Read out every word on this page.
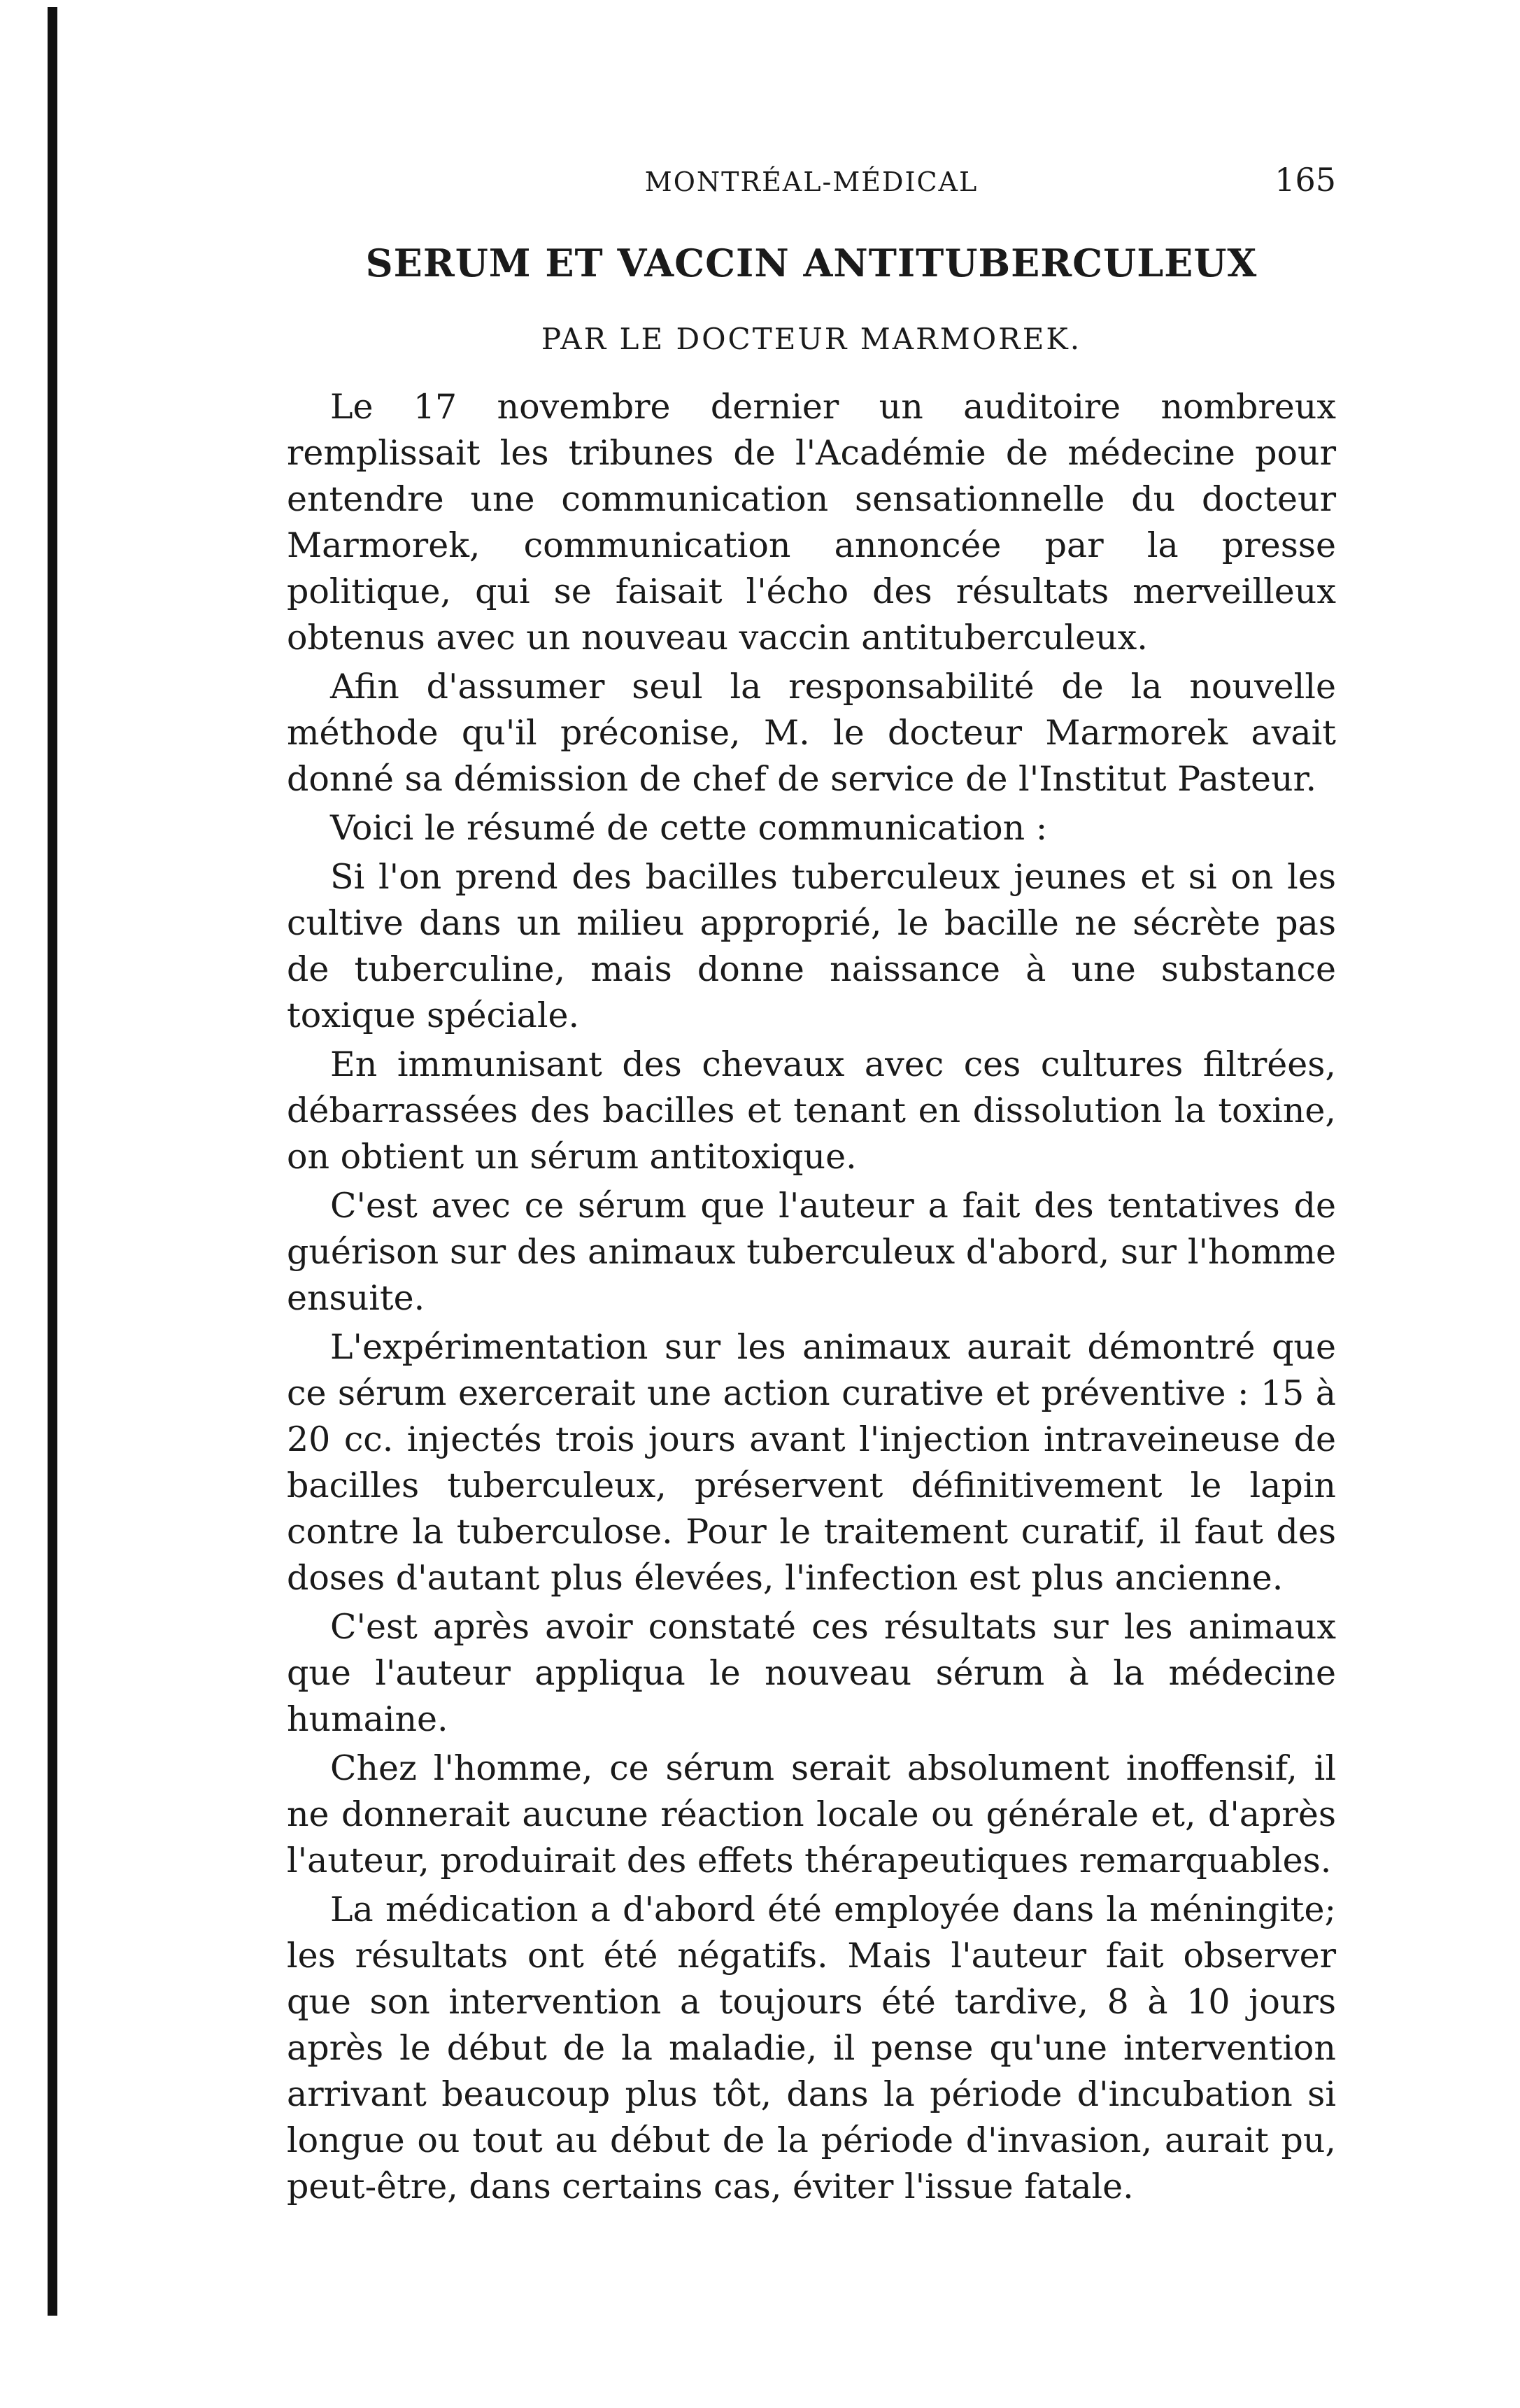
MONTRÉAL-MÉDICAL	165
SERUM ET VACCIN ANTITUBERCULEUX
PAR LE DOCTEUR MARMOREK.

Le 17 novembre dernier un auditoire nombreux remplissait les tribunes de l'Académie de médecine pour entendre une communication sensationnelle du docteur Marmorek, communication annoncée par la presse politique, qui se faisait l'écho des résultats merveilleux obtenus avec un nouveau vaccin antituberculeux.

Afin d'assumer seul la responsabilité de la nouvelle méthode qu'il préconise, M. le docteur Marmorek avait donné sa démission de chef de service de l'Institut Pasteur.

Voici le résumé de cette communication :

Si l'on prend des bacilles tuberculeux jeunes et si on les cultive dans un milieu approprié, le bacille ne sécrète pas de tuberculine, mais donne naissance à une substance toxique spéciale.

En immunisant des chevaux avec ces cultures filtrées, débarrassées des bacilles et tenant en dissolution la toxine, on obtient un sérum antitoxique.

C'est avec ce sérum que l'auteur a fait des tentatives de guérison sur des animaux tuberculeux d'abord, sur l'homme ensuite.

L'expérimentation sur les animaux aurait démontré que ce sérum exercerait une action curative et préventive : 15 à 20 cc. injectés trois jours avant l'injection intraveineuse de bacilles tuberculeux, préservent définitivement le lapin contre la tuberculose. Pour le traitement curatif, il faut des doses d'autant plus élevées, l'infection est plus ancienne.

C'est après avoir constaté ces résultats sur les animaux que l'auteur appliqua le nouveau sérum à la médecine humaine.

Chez l'homme, ce sérum serait absolument inoffensif, il ne donnerait aucune réaction locale ou générale et, d'après l'auteur, produirait des effets thérapeutiques remarquables.

La médication a d'abord été employée dans la méningite; les résultats ont été négatifs. Mais l'auteur fait observer que son intervention a toujours été tardive, 8 à 10 jours après le début de la maladie, il pense qu'une intervention arrivant beaucoup plus tôt, dans la période d'incubation si longue ou tout au début de la période d'invasion, aurait pu, peut-être, dans certains cas, éviter l'issue fatale.
